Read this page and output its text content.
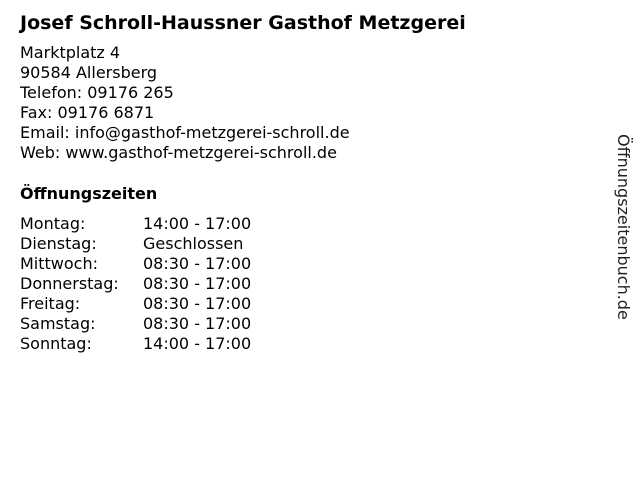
Josef Schroll-Haussner Gasthof Metzgerei
Marktplatz 4
90584 Allersberg
Telefon: 09176 265
Fax: 09176 6871
Email: info@gasthof-metzgerei-schroll.de
Web: www.gasthof-metzgerei-schroll.de
Öffnungszeiten
Montag:	14:00 - 17:00
Dienstag:	Geschlossen
Mittwoch:	08:30 - 17:00
Donnerstag:	08:30 - 17:00
Freitag:	08:30 - 17:00
Samstag:	08:30 - 17:00
Sonntag:	14:00 - 17:00
Öffnungszeitenbuch.de
